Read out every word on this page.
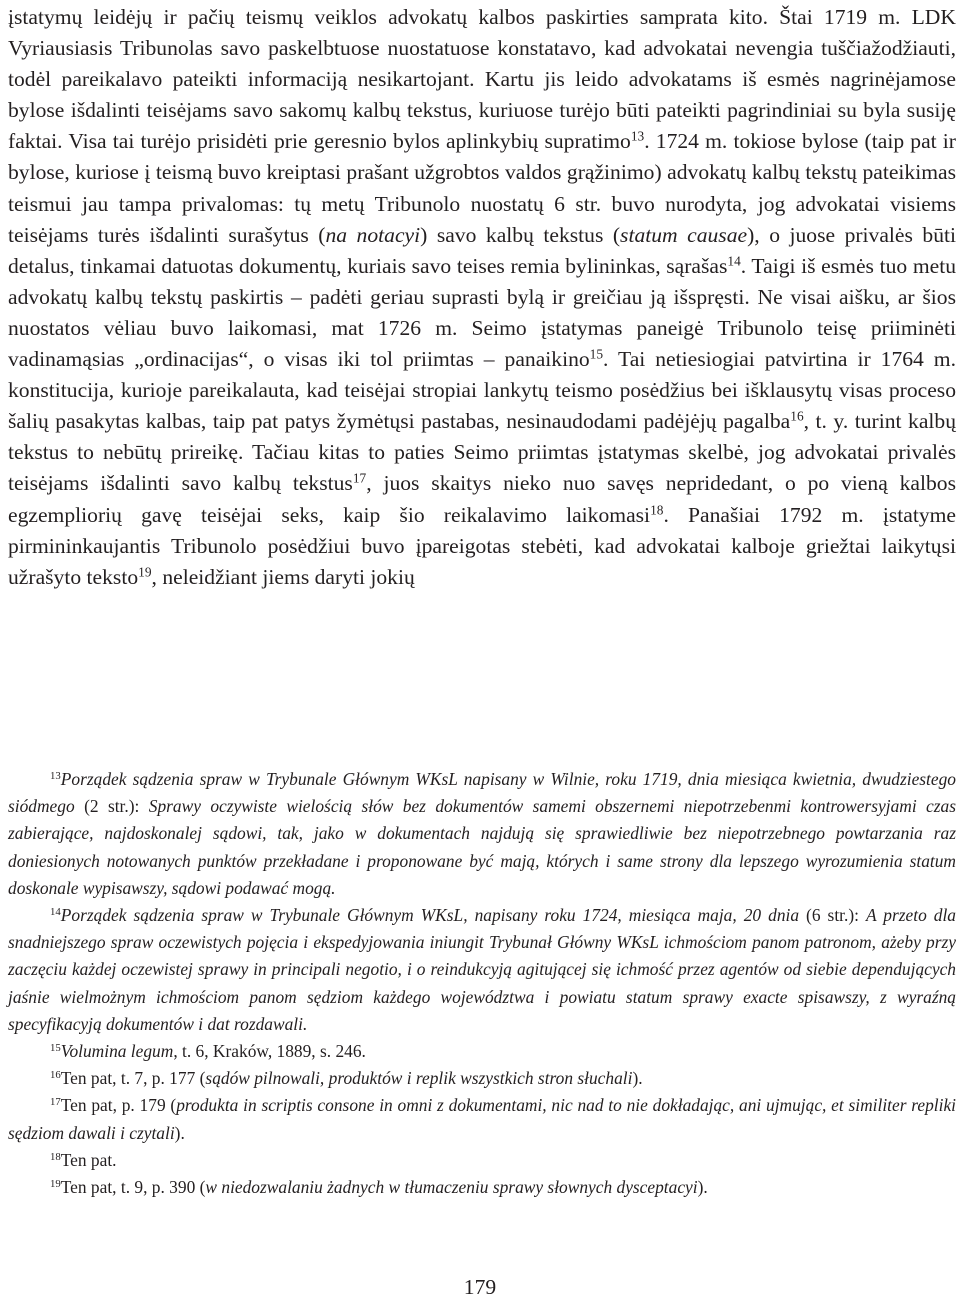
įstatymų leidėjų ir pačių teismų veiklos advokatų kalbos paskirties samprata kito. Štai 1719 m. LDK Vyriausiasis Tribunolas savo paskelbtuose nuostatuose konstatavo, kad advokatai nevengia tuščiažodžiauti, todėl pareikalavo pateikti informaciją nesikartojant. Kartu jis leido advokatams iš esmės nagrinėjamose bylose išdalinti teisėjams savo sakomų kalbų tekstus, kuriuose turėjo būti pateikti pagrindiniai su byla susiję faktai. Visa tai turėjo prisidėti prie geresnio bylos aplinkybių supratimo$^{13}$. 1724 m. tokiose bylose (taip pat ir bylose, kuriose į teismą buvo kreiptasi prašant užgrobtos valdos grąžinimo) advokatų kalbų tekstų pateikimas teismui jau tampa privalomas: tų metų Tribunolo nuostatų 6 str. buvo nurodyta, jog advokatai visiems teisėjams turės išdalinti surašytus (na notacyi) savo kalbų tekstus (statum causae), o juose privalės būti detalus, tinkamai datuotas dokumentų, kuriais savo teises remia bylininkas, sąrašas$^{14}$. Taigi iš esmės tuo metu advokatų kalbų tekstų paskirtis – padėti geriau suprasti bylą ir greičiau ją išspręsti. Ne visai aišku, ar šios nuostatos vėliau buvo laikomasi, mat 1726 m. Seimo įstatymas paneigė Tribunolo teisę priiminėti vadinamąsias „ordinacijas“, o visas iki tol priimtas – panaikino$^{15}$. Tai netiesiogiai patvirtina ir 1764 m. konstitucija, kurioje pareikalauta, kad teisėjai stropiai lankytų teismo posėdžius bei išklausytų visas proceso šalių pasakytas kalbas, taip pat patys žymėtųsi pastabas, nesinaudodami padėjėjų pagalba$^{16}$, t. y. turint kalbų tekstus to nebūtų prireikę. Tačiau kitas to paties Seimo priimtas įstatymas skelbė, jog advokatai privalės teisėjams išdalinti savo kalbų tekstus$^{17}$, juos skaitys nieko nuo savęs nepridedant, o po vieną kalbos egzempliorių gavę teisėjai seks, kaip šio reikalavimo laikomasi$^{18}$. Panašiai 1792 m. įstatyme pirmininkaujantis Tribunolo posėdžiui buvo įpareigotas stebėti, kad advokatai kalboje griežtai laikytųsi užrašyto teksto$^{19}$, neleidžiant jiems daryti jokių

$^{13}$Porządek sądzenia spraw w Trybunale Głównym WKsL napisany w Wilnie, roku 1719, dnia miesiąca kwietnia, dwudziestego siódmego (2 str.): Sprawy oczywiste wielością słów bez dokumentów samemi obszernemi niepotrzebenmi kontrowersyjami czas zabierające, najdoskonalej sądowi, tak, jako w dokumentach najdują się sprawiedliwie bez niepotrzebnego powtarzania raz doniesionych notowanych punktów przekładane i proponowane być mają, których i same strony dla lepszego wyrozumienia statum doskonale wypisawszy, sądowi podawać mogą.

$^{14}$Porządek sądzenia spraw w Trybunale Głównym WKsL, napisany roku 1724, miesiąca maja, 20 dnia (6 str.): A przeto dla snadniejszego spraw oczewistych pojęcia i ekspedyjowania iniungit Trybunał Główny WKsL ichmościom panom patronom, ażeby przy zaczęciu każdej oczewistej sprawy in principali negotio, i o reindukcyją agitującej się ichmość przez agentów od siebie dependujących jaśnie wielmożnym ichmościom panom sędziom każdego województwa i powiatu statum sprawy exacte spisawszy, z wyraźną specyfikacyją dokumentów i dat rozdawali.

$^{15}$Volumina legum, t. 6, Kraków, 1889, s. 246.

$^{16}$Ten pat, t. 7, p. 177 (sądów pilnowali, produktów i replik wszystkich stron słuchali).

$^{17}$Ten pat, p. 179 (produkta in scriptis consone in omni z dokumentami, nic nad to nie dokładając, ani ujmując, et similiter repliki sędziom dawali i czytali).

$^{18}$Ten pat.

$^{19}$Ten pat, t. 9, p. 390 (w niedozwalaniu żadnych w tłumaczeniu sprawy słownych dysceptacyi).

179
